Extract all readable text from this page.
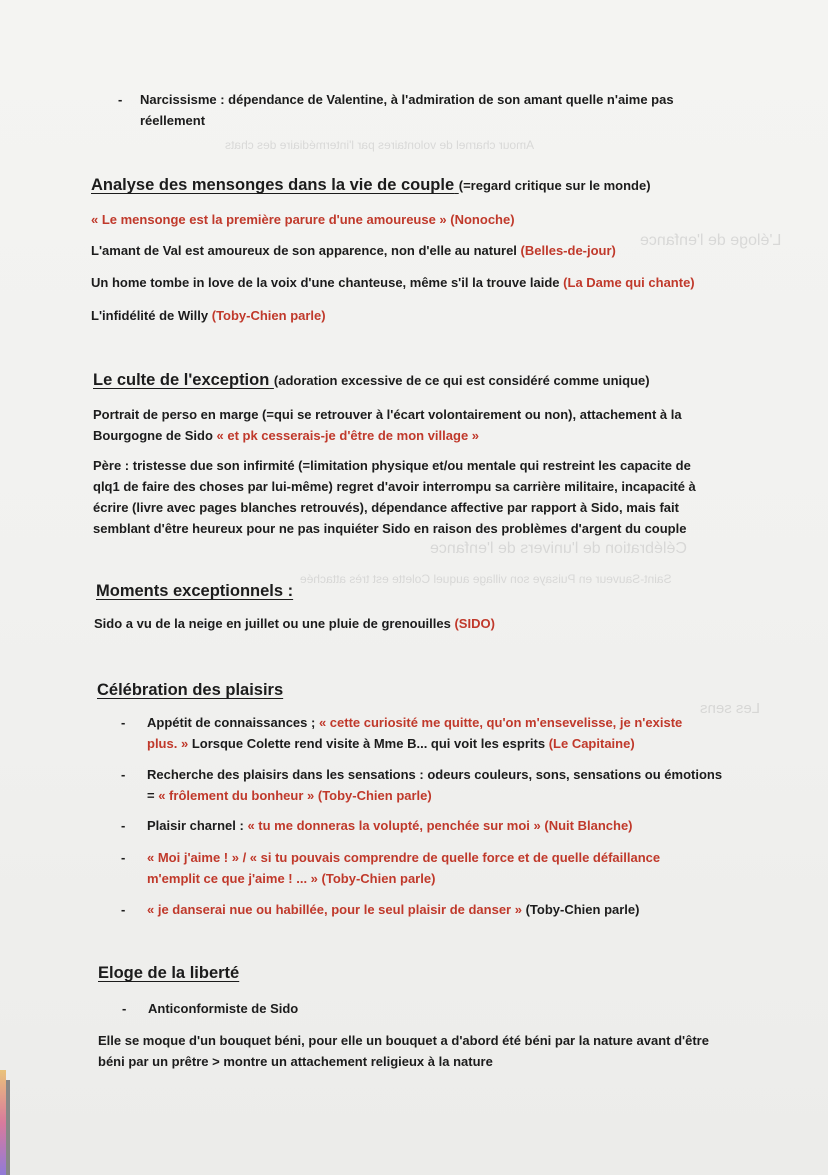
Amour charnel de volontaires par l'intermédiaire des chats
L'éloge de l'enfance
Célébration de l'univers de l'enfance
Saint-Sauveur en Puisaye son village auquel Colette est très attachée
Les sens
- Narcissisme : dépendance de Valentine, à l'admiration de son amant quelle n'aime pas réellement
Analyse des mensonges dans la vie de couple (=regard critique sur le monde)
« Le mensonge est la première parure d'une amoureuse » (Nonoche)
L'amant de Val est amoureux de son apparence, non d'elle au naturel (Belles-de-jour)
Un home tombe in love de la voix d'une chanteuse, même s'il la trouve laide (La Dame qui chante)
L'infidélité de Willy (Toby-Chien parle)
Le culte de l'exception (adoration excessive de ce qui est considéré comme unique)
Portrait de perso en marge (=qui se retrouver à l'écart volontairement ou non), attachement à la Bourgogne de Sido « et pk cesserais-je d'être de mon village »
Père : tristesse due son infirmité (=limitation physique et/ou mentale qui restreint les capacite de qlq1 de faire des choses par lui-même) regret d'avoir interrompu sa carrière militaire, incapacité à écrire (livre avec pages blanches retrouvés), dépendance affective par rapport à Sido, mais fait semblant d'être heureux pour ne pas inquiéter Sido en raison des problèmes d'argent du couple
Moments exceptionnels :
Sido a vu de la neige en juillet ou une pluie de grenouilles (SIDO)
Célébration des plaisirs
- Appétit de connaissances ; « cette curiosité me quitte, qu'on m'ensevelisse, je n'existe plus. » Lorsque Colette rend visite à Mme B... qui voit les esprits (Le Capitaine)
- Recherche des plaisirs dans les sensations : odeurs couleurs, sons, sensations ou émotions = « frôlement du bonheur » (Toby-Chien parle)
- Plaisir charnel : « tu me donneras la volupté, penchée sur moi » (Nuit Blanche)
- « Moi j'aime ! » / « si tu pouvais comprendre de quelle force et de quelle défaillance m'emplit ce que j'aime ! ... » (Toby-Chien parle)
- « je danserai nue ou habillée, pour le seul plaisir de danser » (Toby-Chien parle)
Eloge de la liberté
- Anticonformiste de Sido
Elle se moque d'un bouquet béni, pour elle un bouquet a d'abord été béni par la nature avant d'être béni par un prêtre > montre un attachement religieux à la nature
